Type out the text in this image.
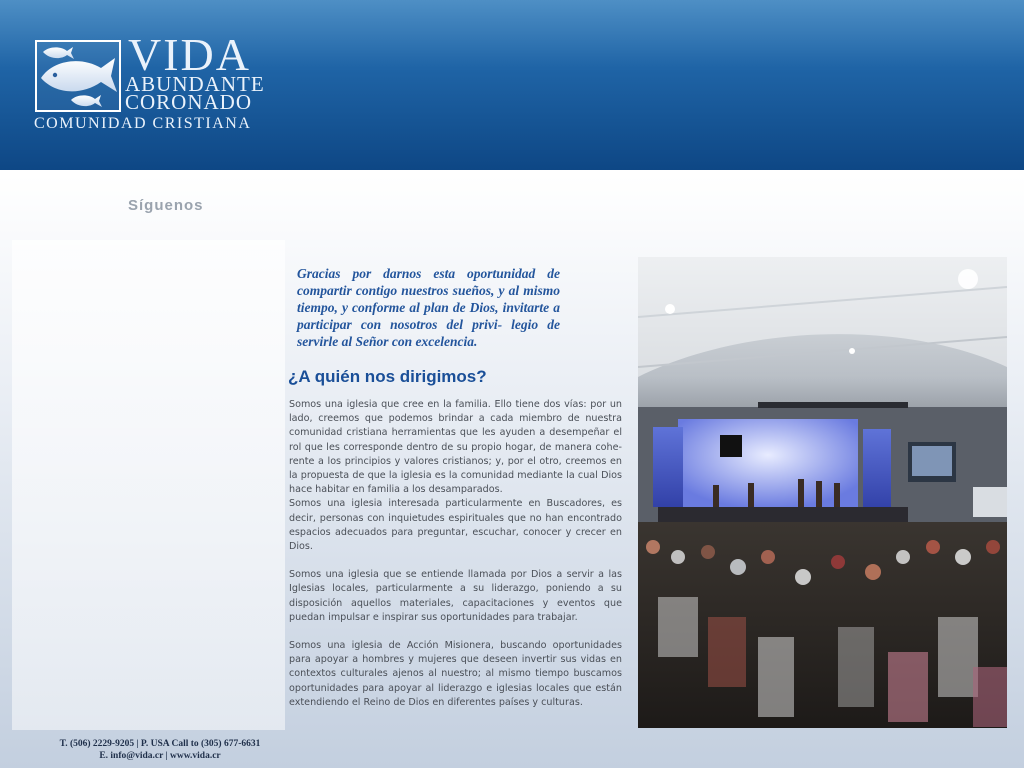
VIDA
ABUNDANTE
CORONADO
COMUNIDAD CRISTIANA
Síguenos
Gracias por darnos esta oportunidad de compartir contigo nuestros sueños, y al mismo tiempo, y conforme al plan de Dios, invitarte a participar con nosotros del privi- legio de servirle al Señor con excelencia.
¿A quién nos dirigimos?

Somos una iglesia que cree en la familia. Ello tiene dos vías: por un lado, creemos que podemos brindar a cada miembro de nuestra comunidad cristiana herramientas que les ayuden a desempeñar el rol que les corresponde dentro de su propio hogar, de manera cohe- rente a los principios y valores cristianos; y, por el otro, creemos en la propuesta de que la iglesia es la comunidad mediante la cual Dios hace habitar en familia a los desamparados.

Somos una iglesia interesada particularmente en Buscadores, es decir, personas con inquietudes espirituales que no han encontrado espacios adecuados para preguntar, escuchar, conocer y crecer en Dios.

Somos una iglesia que se entiende llamada por Dios a servir a las Iglesias locales, particularmente a su liderazgo, poniendo a su disposición aquellos materiales, capacitaciones y eventos que puedan impulsar e inspirar sus oportunidades para trabajar.

Somos una iglesia de Acción Misionera, buscando oportunidades para apoyar a hombres y mujeres que deseen invertir sus vidas en contextos culturales ajenos al nuestro; al mismo tiempo buscamos oportunidades para apoyar al liderazgo e iglesias locales que están extendiendo el Reino de Dios en diferentes países y culturas.

T. (506) 2229-9205 | P. USA Call to (305) 677-6631
E. info@vida.cr | www.vida.cr
